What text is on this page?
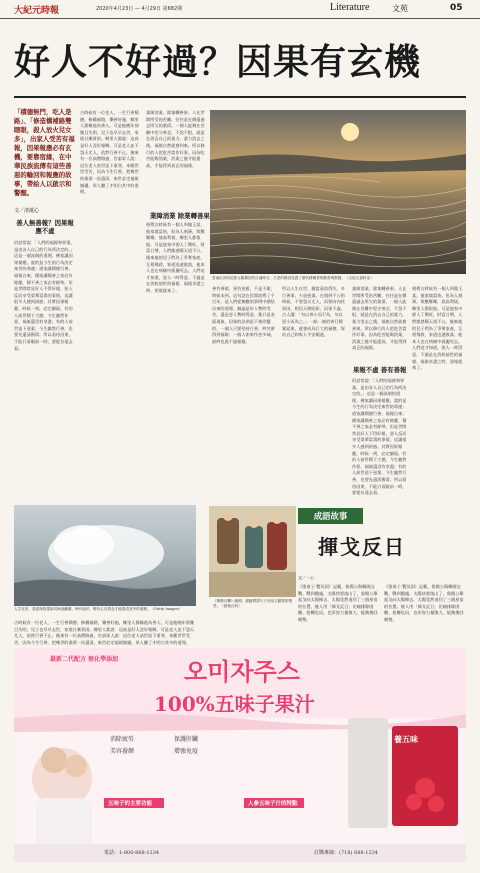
大紀元時報	2020年4月23日 — 4月29日 第682期	Literature	文苑	05
好人不好過？因果有玄機
「積德無門，吃人是路」、「修造橋補路雙瞎眼，殺人放火兒女多」，出家人受苦有福報，因果報應必有玄機，要靠宿緣，在中華民族流傳有這些善惡的輪回和報應的故事，帶給人以啟示和警醒。
文／清蓮心
善人無善報？因果報應不虛

俗話常說：「人們的福報和罪業，是由各人自己的行為所決定的。」這是一個深刻的道理。佛家講因果報應，說的是今生的行為決定來世的命運；道家講積德行善，福報自來；儒家講積善之家必有餘慶，積不善之家必有餘殃。但是世間常見好人不得好報，惡人反而享受榮華富貴的事情，這讓很多人感到困惑。其實因果報應，時候一到，必定顯現。有的人前世積下大德，今生雖然作惡，福報還沒有享盡；有的人前世造下惡業，今生雖然行善，也要先還清舊債。所以看待因果，不能只看眼前一時，要從長遠去看。

古時候有一位老人，一生行善積德，修橋補路，樂善好施，鄉里人都稱他為善人。可是他晚年卻雙目失明，兒子也早早去世，家境日漸貧困。鄉里人都說：這真是好人沒好報啊。可是老人並不怨天尤人，依然行善不止。後來有一位高僧路過，告訴眾人說：這位老人前世造下重罪，本應世世受苦，因為今生行善，把幾世的業債一次還清，來世必定福報無邊。眾人聽了才明白其中的道理。

業障消業，除業轉善果。人在世間所受的苦難，往往是在償還過去所欠的業債。一個人能夠在苦難中堅守善念，不怨不恨，就是在消去自己的業力。業力消去之後，福報自然就會到來。所以修行的人把吃苦當作好事，因為吃苦能夠消業，消業之後才能提高，才能得到真正的福報。

業障消業 除業轉善果

相傳古時候有一個人叫做王某，他家境富裕，但為人刻薄，欺壓鄉鄰，放高利貸，鄉里人都恨他。可是他家中卻人丁興旺，財富日增，人們都感嘆天道不公。後來他的兒子們為了爭奪家產，互相殘殺，家道迅速敗落，他本人也在病痛中孤獨死去。人們這才知道，惡人一時得意，不過是在消耗前世的福報，福報享盡之時，惡報就來了。

雲南紅河哈尼族元陽梯田的日落時分，古老的梯田見證了歷代耕種者的勤勞與堅韌。（大紀元資料室）

善有善報，惡有惡報，不是不報，時候未到。這句話在民間流傳了千百年，是人們從無數的事例中總結出來的道理。無論是好人暫時受苦，還是惡人暫時得意，都只是表面現象，因果的法則是不會改變的。一個人只要堅持行善，終究會得到福報；一個人如果作惡多端，最終也逃不過報應。

所以人生在世，應當看淡得失，多行善事，少造惡業。在遇到不公的時候，不要怨天尤人，而要向內找原因，相信天理昭彰，因果不虛。古人講：「勿以善小而不為，勿以惡小而為之。」一點一滴的善行積累起來，就會成為巨大的福德，保佑自己和家人平安順遂。

業障消業，除業轉善果。人在世間所受的苦難，往往是在償還過去所欠的業債。一個人能夠在苦難中堅守善念，不怨不恨，就是在消去自己的業力。業力消去之後，福報自然就會到來。所以修行的人把吃苦當作好事，因為吃苦能夠消業，消業之後才能提高，才能得到真正的福報。

果報不虛 善有善報

俗話常說：「人們的福報和罪業，是由各人自己的行為所決定的。」這是一個深刻的道理。佛家講因果報應，說的是今生的行為決定來世的命運；道家講積德行善，福報自來；儒家講積善之家必有餘慶，積不善之家必有餘殃。但是世間常見好人不得好報，惡人反而享受榮華富貴的事情，這讓很多人感到困惑。其實因果報應，時候一到，必定顯現。有的人前世積下大德，今生雖然作惡，福報還沒有享盡；有的人前世造下惡業，今生雖然行善，也要先還清舊債。所以看待因果，不能只看眼前一時，要從長遠去看。

相傳古時候有一個人叫做王某，他家境富裕，但為人刻薄，欺壓鄉鄰，放高利貸，鄉里人都恨他。可是他家中卻人丁興旺，財富日增，人們都感嘆天道不公。後來他的兒子們為了爭奪家產，互相殘殺，家道迅速敗落，他本人也在病痛中孤獨死去。人們這才知道，惡人一時得意，不過是在消耗前世的福報，福報享盡之時，惡報就來了。

人生在世，善惡與因果如同海浪翻湧，時有起伏，唯有心存善念才能看清其中的道理。（Getty Images）

古時候有一位老人，一生行善積德，修橋補路，樂善好施，鄉里人都稱他為善人。可是他晚年卻雙目失明，兒子也早早去世，家境日漸貧困。鄉里人都說：這真是好人沒好報啊。可是老人並不怨天尤人，依然行善不止。後來有一位高僧路過，告訴眾人說：這位老人前世造下重罪，本應世世受苦，因為今生行善，把幾世的業債一次還清，來世必定福報無邊。眾人聽了才明白其中的道理。

《舉鼎目擊》劇照，描繪賈詡父子向吳王獻策的情景。（維基百科）
成語故事
揮戈反日
文／一心

《淮南子·覽冥訓》記載，魯陽公與韓國交戰，戰到酣處，太陽快要落山了，魯陽公舉起戈向太陽揮去，太陽竟然退回了三個星宿的位置。後人用「揮戈反日」比喻排除困難，扭轉危局，也形容力量強大，能夠挽回頹勢。

《淮南子·覽冥訓》記載，魯陽公與韓國交戰，戰到酣處，太陽快要落山了，魯陽公舉起戈向太陽揮去，太陽竟然退回了三個星宿的位置。後人用「揮戈反日」比喻排除困難，扭轉危局，也形容力量強大，能夠挽回頹勢。

最新二代配方 無化學添加	오미자주스
100%五味子果汁
消除疲勞
美容養顏
保護肝臟
增強免疫
養五味
五味子的主要功能	人參五味子汁的特點
電話：1-800-888-1234	訂購專線：(718) 888-1234
